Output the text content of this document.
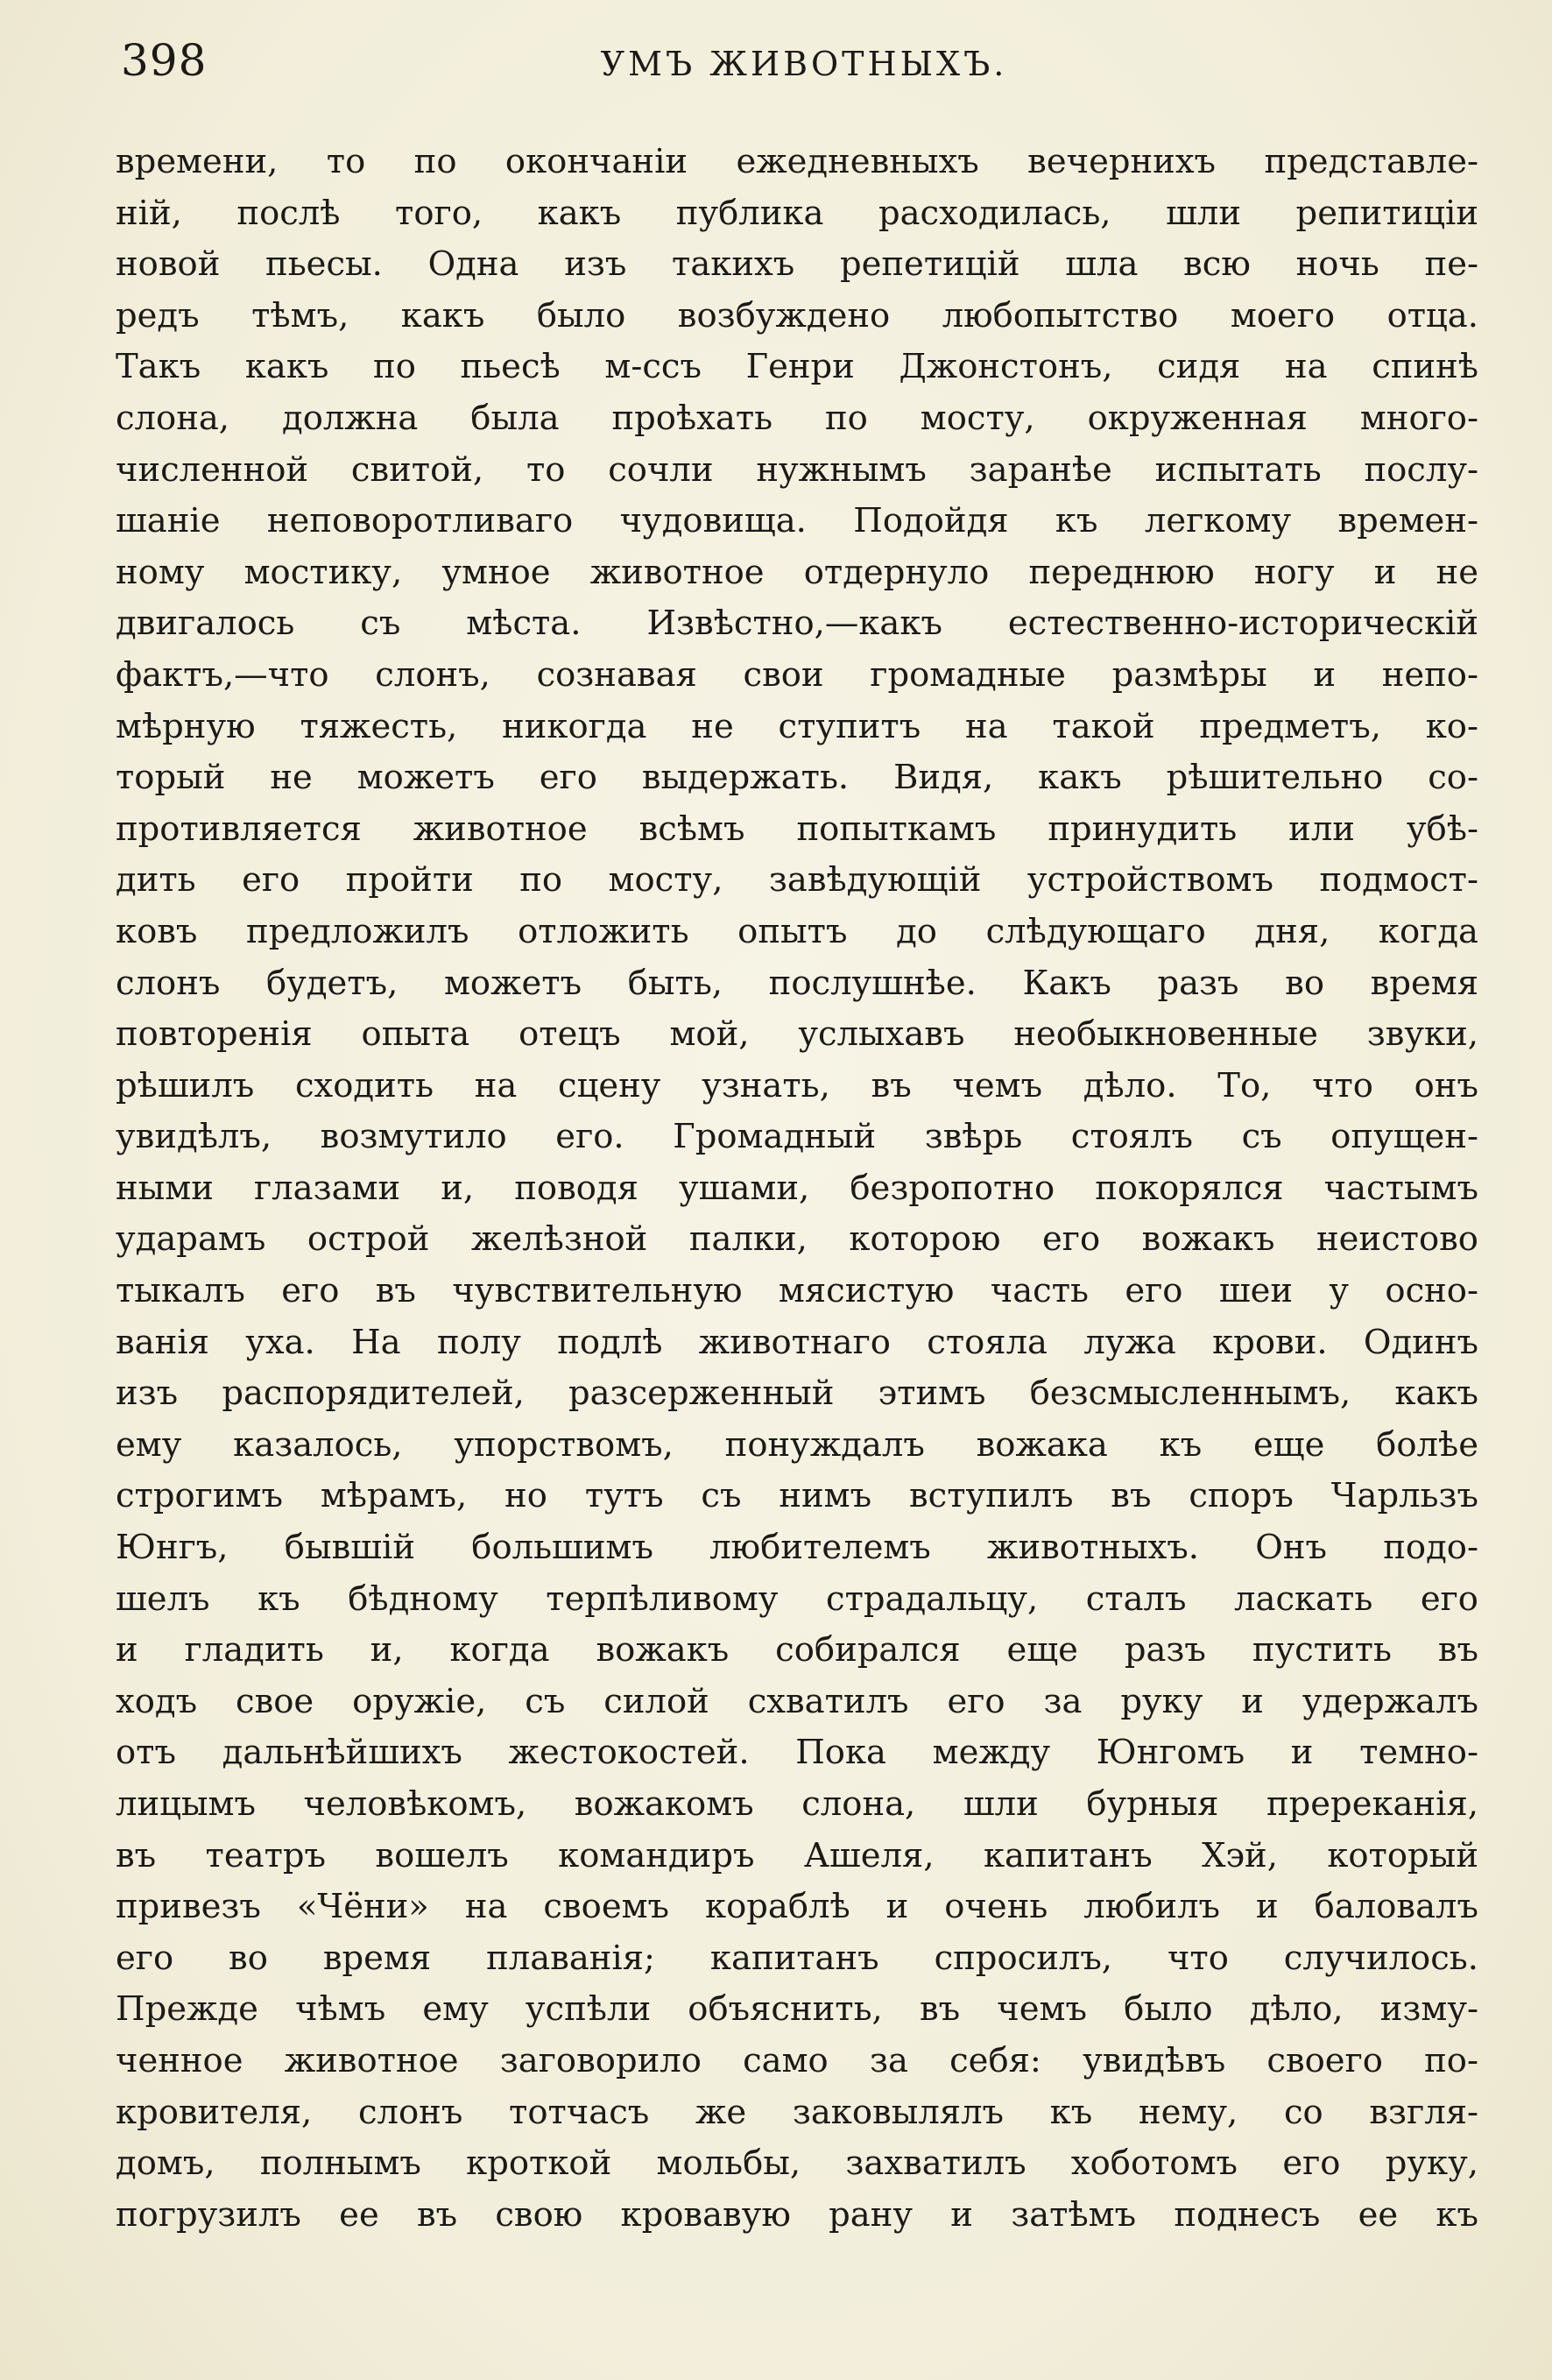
398	УМЪ ЖИВОТНЫХЪ.
времени, то по окончаніи ежедневныхъ вечернихъ представле-
ній, послѣ того, какъ публика расходилась, шли репитиціи
новой пьесы. Одна изъ такихъ репетицій шла всю ночь пе-
редъ тѣмъ, какъ было возбуждено любопытство моего отца.
Такъ какъ по пьесѣ м-ссъ Генри Джонстонъ, сидя на спинѣ
слона, должна была проѣхать по мосту, окруженная много-
численной свитой, то сочли нужнымъ заранѣе испытать послу-
шаніе неповоротливаго чудовища. Подойдя къ легкому времен-
ному мостику, умное животное отдернуло переднюю ногу и не
двигалось съ мѣста. Извѣстно,—какъ естественно-историческій
фактъ,—что слонъ, сознавая свои громадные размѣры и непо-
мѣрную тяжесть, никогда не ступитъ на такой предметъ, ко-
торый не можетъ его выдержать. Видя, какъ рѣшительно со-
противляется животное всѣмъ попыткамъ принудить или убѣ-
дить его пройти по мосту, завѣдующій устройствомъ подмост-
ковъ предложилъ отложить опытъ до слѣдующаго дня, когда
слонъ будетъ, можетъ быть, послушнѣе. Какъ разъ во время
повторенія опыта отецъ мой, услыхавъ необыкновенные звуки,
рѣшилъ сходить на сцену узнать, въ чемъ дѣло. То, что онъ
увидѣлъ, возмутило его. Громадный звѣрь стоялъ съ опущен-
ными глазами и, поводя ушами, безропотно покорялся частымъ
ударамъ острой желѣзной палки, которою его вожакъ неистово
тыкалъ его въ чувствительную мясистую часть его шеи у осно-
ванія уха. На полу подлѣ животнаго стояла лужа крови. Одинъ
изъ распорядителей, разсерженный этимъ безсмысленнымъ, какъ
ему казалось, упорствомъ, понуждалъ вожака къ еще болѣе
строгимъ мѣрамъ, но тутъ съ нимъ вступилъ въ споръ Чарльзъ
Юнгъ, бывшій большимъ любителемъ животныхъ. Онъ подо-
шелъ къ бѣдному терпѣливому страдальцу, сталъ ласкать его
и гладить и, когда вожакъ собирался еще разъ пустить въ
ходъ свое оружіе, съ силой схватилъ его за руку и удержалъ
отъ дальнѣйшихъ жестокостей. Пока между Юнгомъ и темно-
лицымъ человѣкомъ, вожакомъ слона, шли бурныя пререканія,
въ театръ вошелъ командиръ Ашеля, капитанъ Хэй, который
привезъ «Чёни» на своемъ кораблѣ и очень любилъ и баловалъ
его во время плаванія; капитанъ спросилъ, что случилось.
Прежде чѣмъ ему успѣли объяснить, въ чемъ было дѣло, изму-
ченное животное заговорило само за себя: увидѣвъ своего по-
кровителя, слонъ тотчасъ же заковылялъ къ нему, со взгля-
домъ, полнымъ кроткой мольбы, захватилъ хоботомъ его руку,
погрузилъ ее въ свою кровавую рану и затѣмъ поднесъ ее къ
